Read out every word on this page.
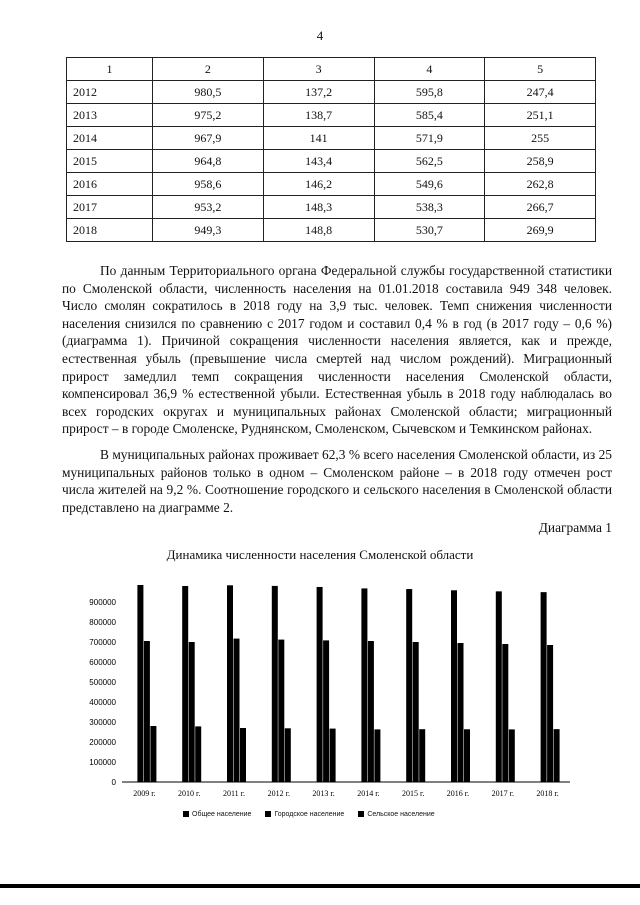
4
1	2	3	4	5
2012	980,5	137,2	595,8	247,4
2013	975,2	138,7	585,4	251,1
2014	967,9	141	571,9	255
2015	964,8	143,4	562,5	258,9
2016	958,6	146,2	549,6	262,8
2017	953,2	148,3	538,3	266,7
2018	949,3	148,8	530,7	269,9

По данным Территориального органа Федеральной службы государственной статистики по Смоленской области, численность населения на 01.01.2018 составила 949 348 человек. Число смолян сократилось в 2018 году на 3,9 тыс. человек. Темп снижения численности населения снизился по сравнению с 2017 годом и составил 0,4 % в год (в 2017 году – 0,6 %) (диаграмма 1). Причиной сокращения численности населения является, как и прежде, естественная убыль (превышение числа смертей над числом рождений). Миграционный прирост замедлил темп сокращения численности населения Смоленской области, компенсировал 36,9 % естественной убыли. Естественная убыль в 2018 году наблюдалась во всех городских округах и муниципальных районах Смоленской области; миграционный прирост – в городе Смоленске, Руднянском, Смоленском, Сычевском и Темкинском районах.

В муниципальных районах проживает 62,3 % всего населения Смоленской области, из 25 муниципальных районов только в одном – Смоленском районе – в 2018 году отмечен рост числа жителей на 9,2 %. Соотношение городского и сельского населения в Смоленской области представлено на диаграмме 2.

Диаграмма 1
Динамика численности населения Смоленской области
0
100000
200000
300000
400000
500000
600000
700000
800000
900000
2009 г.	2010 г.	2011 г.	2012 г.	2013 г.	2014 г.	2015 г.	2016 г.	2017 г.	2018 г.
Общее население	Городское население	Сельское население
